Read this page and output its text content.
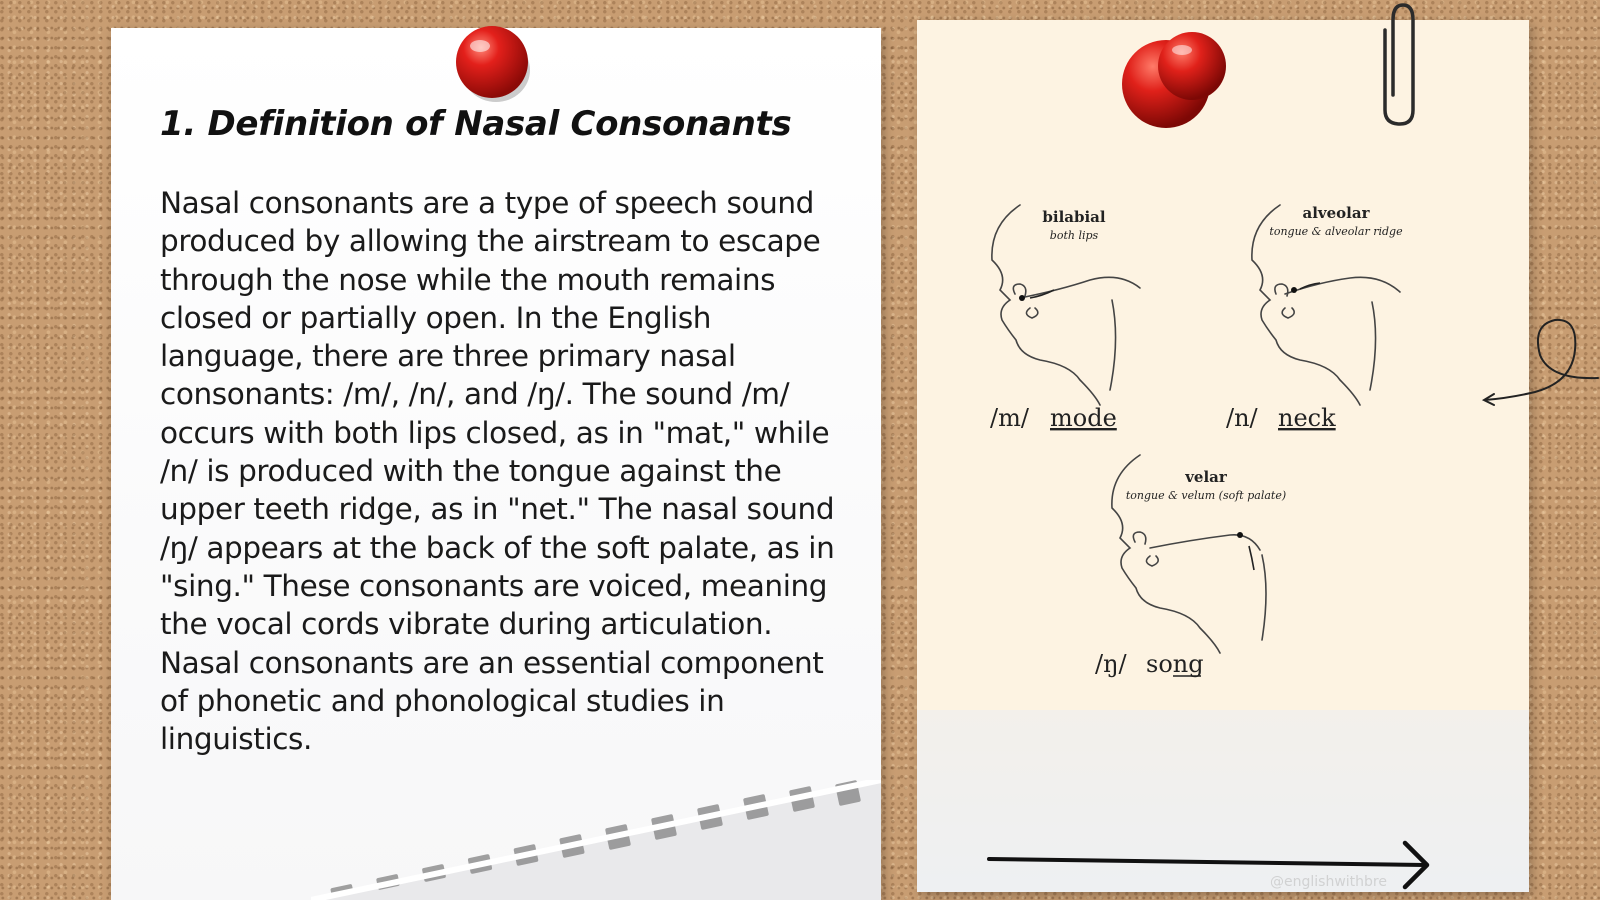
1. Definition of Nasal Consonants

Nasal consonants are a type of speech sound produced by allowing the airstream to escape through the nose while the mouth remains closed or partially open. In the English language, there are three primary nasal consonants: /m/, /n/, and /ŋ/. The sound /m/ occurs with both lips closed, as in "mat," while /n/ is produced with the tongue against the upper teeth ridge, as in "net." The nasal sound /ŋ/ appears at the back of the soft palate, as in "sing." These consonants are voiced, meaning the vocal cords vibrate during articulation. Nasal consonants are an essential component of phonetic and phonological studies in linguistics.

bilabial
both lips
alveolar
tongue & alveolar ridge
velar
tongue & velum (soft palate)
/m/ mode	/n/ neck
/ŋ/ song
@englishwithbre
